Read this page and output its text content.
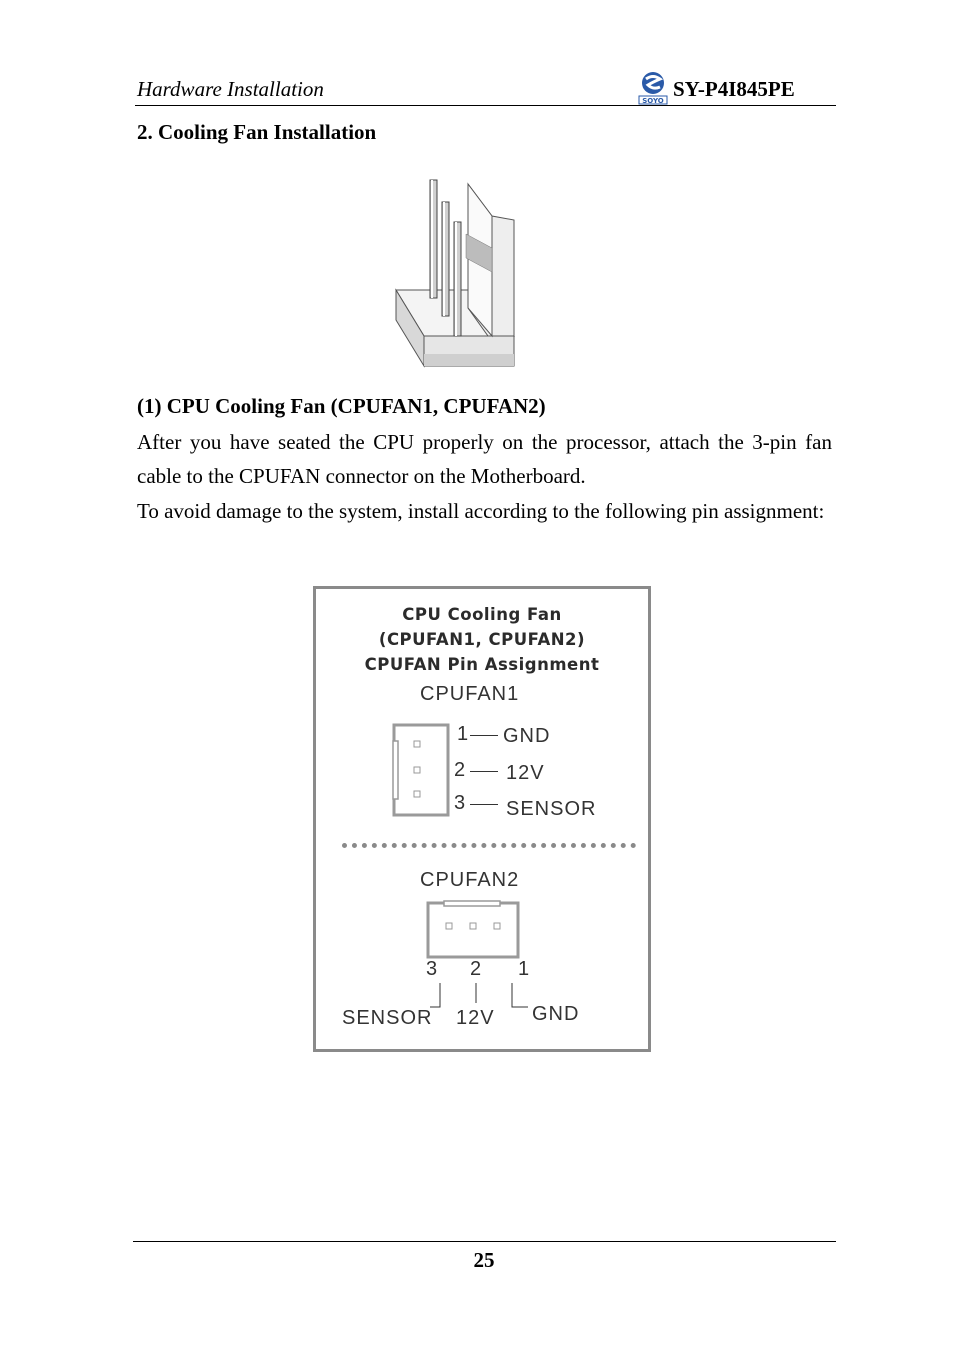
Hardware Installation	SOYO SY-P4I845PE
2. Cooling Fan Installation
(1) CPU Cooling Fan (CPUFAN1, CPUFAN2)
After you have seated the CPU properly on the processor, attach the 3-pin fan cable to the CPUFAN connector on the Motherboard.
To avoid damage to the system, install according to the following pin assignment:
CPU Cooling Fan
(CPUFAN1, CPUFAN2)
CPUFAN Pin Assignment
CPUFAN1
1 GND
2 12V
3 SENSOR
CPUFAN2
3 2 1
SENSOR 12V GND
25
